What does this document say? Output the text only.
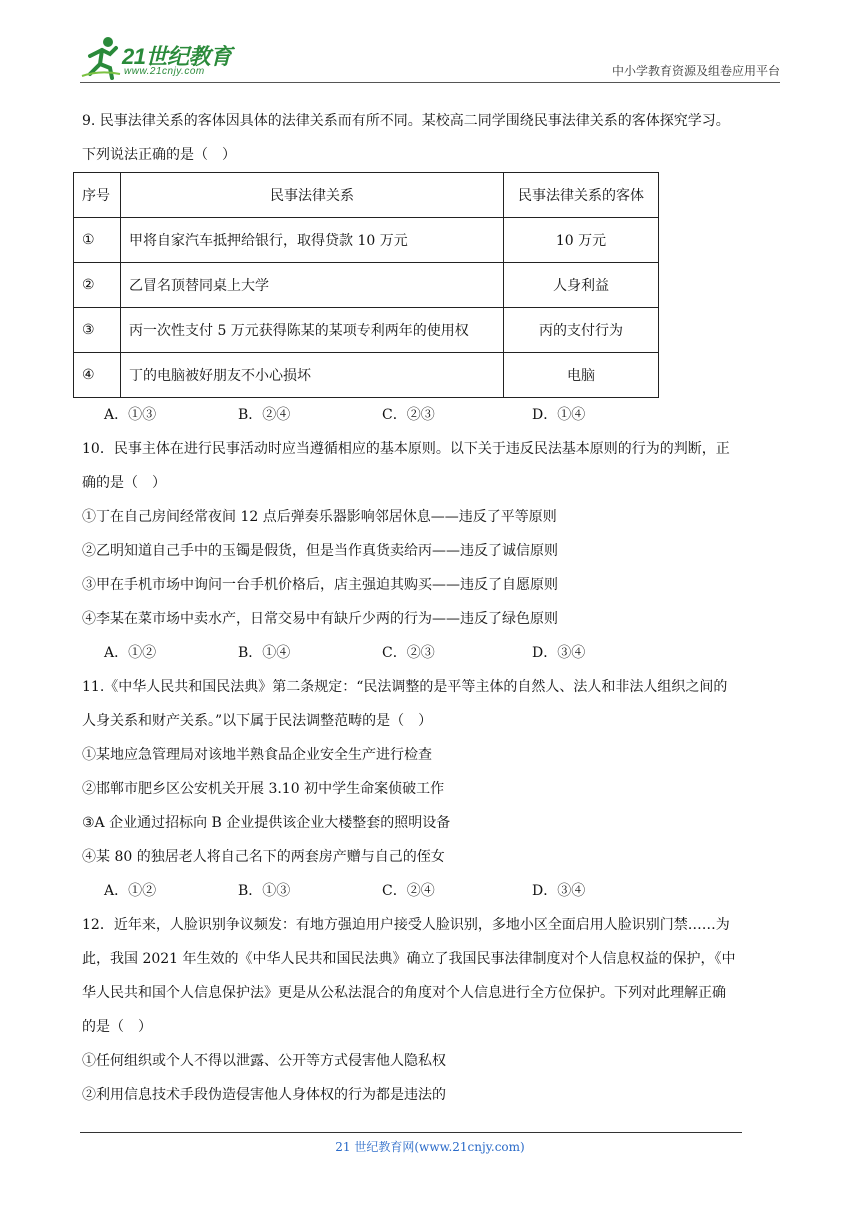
21世纪教育
www.21cnjy.com	中小学教育资源及组卷应用平台
9. 民事法律关系的客体因具体的法律关系而有所不同。某校高二同学围绕民事法律关系的客体探究学习。
下列说法正确的是（　）
序号	民事法律关系	民事法律关系的客体
①	甲将自家汽车抵押给银行，取得贷款 10 万元	10 万元
②	乙冒名顶替同桌上大学	人身利益
③	丙一次性支付 5 万元获得陈某的某项专利两年的使用权	丙的支付行为
④	丁的电脑被好朋友不小心损坏	电脑
A．①③	B．②④	C．②③	D．①④
10．民事主体在进行民事活动时应当遵循相应的基本原则。以下关于违反民法基本原则的行为的判断，正
确的是（　）
①丁在自己房间经常夜间 12 点后弹奏乐器影响邻居休息——违反了平等原则
②乙明知道自己手中的玉镯是假货，但是当作真货卖给丙——违反了诚信原则
③甲在手机市场中询问一台手机价格后，店主强迫其购买——违反了自愿原则
④李某在菜市场中卖水产，日常交易中有缺斤少两的行为——违反了绿色原则
A．①②	B．①④	C．②③	D．③④
11.《中华人民共和国民法典》第二条规定：“民法调整的是平等主体的自然人、法人和非法人组织之间的
人身关系和财产关系。”以下属于民法调整范畴的是（　）
①某地应急管理局对该地半熟食品企业安全生产进行检查
②邯郸市肥乡区公安机关开展 3.10 初中学生命案侦破工作
③A 企业通过招标向 B 企业提供该企业大楼整套的照明设备
④某 80 的独居老人将自己名下的两套房产赠与自己的侄女
A．①②	B．①③	C．②④	D．③④
12．近年来，人脸识别争议频发：有地方强迫用户接受人脸识别，多地小区全面启用人脸识别门禁……为
此，我国 2021 年生效的《中华人民共和国民法典》确立了我国民事法律制度对个人信息权益的保护，《中
华人民共和国个人信息保护法》更是从公私法混合的角度对个人信息进行全方位保护。下列对此理解正确
的是（　）
①任何组织或个人不得以泄露、公开等方式侵害他人隐私权
②利用信息技术手段伪造侵害他人身体权的行为都是违法的
21 世纪教育网(www.21cnjy.com)
